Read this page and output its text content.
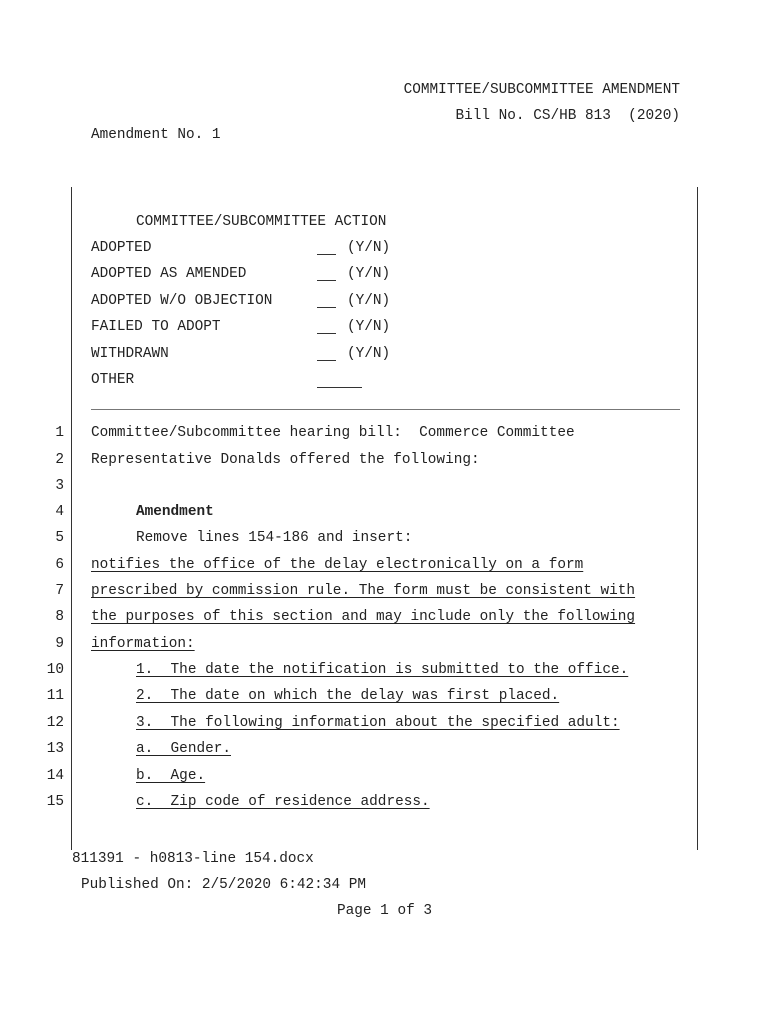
COMMITTEE/SUBCOMMITTEE AMENDMENT
Bill No. CS/HB 813  (2020)
Amendment No. 1
COMMITTEE/SUBCOMMITTEE ACTION
ADOPTED	(Y/N)
ADOPTED AS AMENDED	(Y/N)
ADOPTED W/O OBJECTION	(Y/N)
FAILED TO ADOPT	(Y/N)
WITHDRAWN	(Y/N)
OTHER
1 Committee/Subcommittee hearing bill:  Commerce Committee
2 Representative Donalds offered the following:
3
4	Amendment
5	Remove lines 154-186 and insert:
6 notifies the office of the delay electronically on a form
7 prescribed by commission rule. The form must be consistent with
8 the purposes of this section and may include only the following
9 information:
10	1.  The date the notification is submitted to the office.
11	2.  The date on which the delay was first placed.
12	3.  The following information about the specified adult:
13	a.  Gender.
14	b.  Age.
15	c.  Zip code of residence address.
811391 - h0813-line 154.docx
Published On: 2/5/2020 6:42:34 PM
Page 1 of 3
